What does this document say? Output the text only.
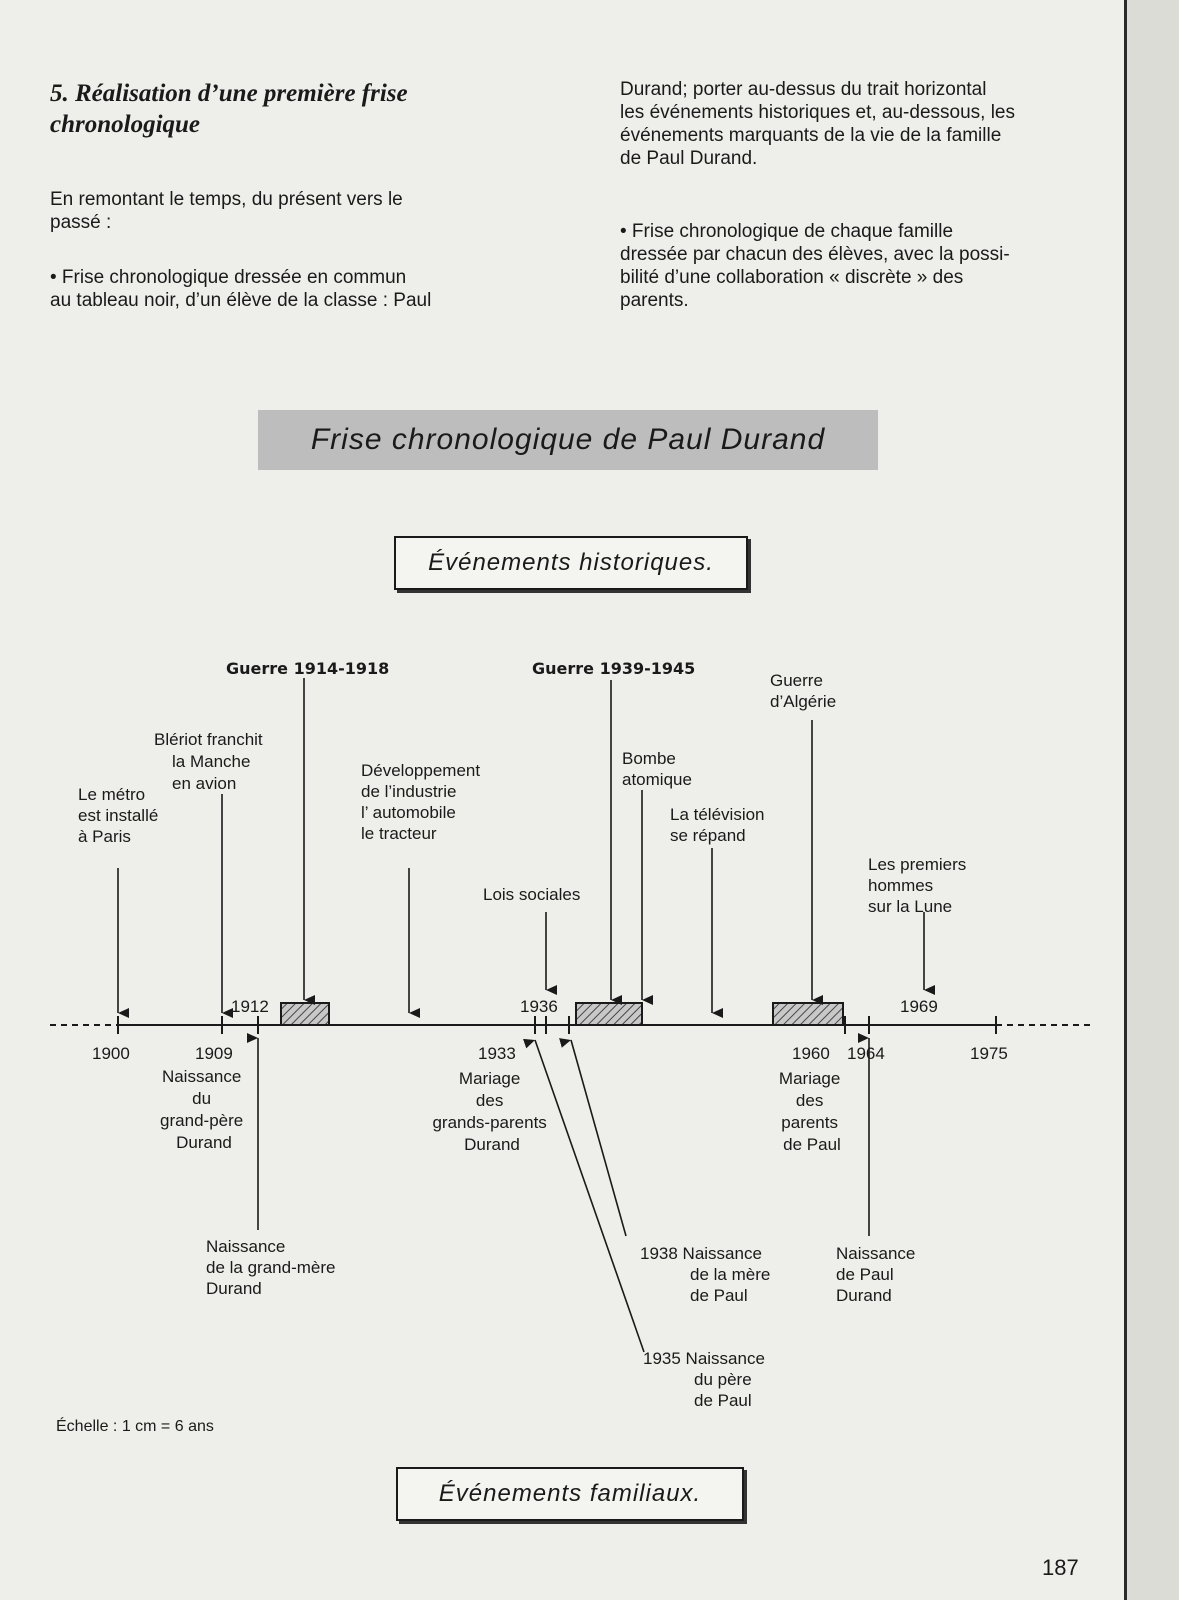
5. Réalisation d’une première frise
chronologique

En remontant le temps, du présent vers le

passé :

• Frise chronologique dressée en commun

au tableau noir, d’un élève de la classe : Paul

Durand; porter au-dessus du trait horizontal

les événements historiques et, au-dessous, les

événements marquants de la vie de la famille

de Paul Durand.

• Frise chronologique de chaque famille

dressée par chacun des élèves, avec la possi-

bilité d’une collaboration « discrète » des

parents.

Frise chronologique de Paul Durand
Événements historiques.
Guerre 1914-1918	Guerre 1939-1945
Guerre d’Algérie
Le métro est installé à Paris
Blériot franchit la Manche en avion
Développement de l’industrie l’ automobile le tracteur
Lois sociales
Bombe atomique
La télévision se répand
Les premiers hommes sur la Lune
1912	1936	1969
1900	1909	1933	1960 1964	1975
Naissance du grand-père Durand
Naissance de la grand-mère Durand
Mariage des grands-parents Durand
1938 Naissance de la mère de Paul
1935 Naissance du père de Paul
Mariage des parents de Paul
Naissance de Paul Durand
Échelle : 1 cm = 6 ans
Événements familiaux.
187
